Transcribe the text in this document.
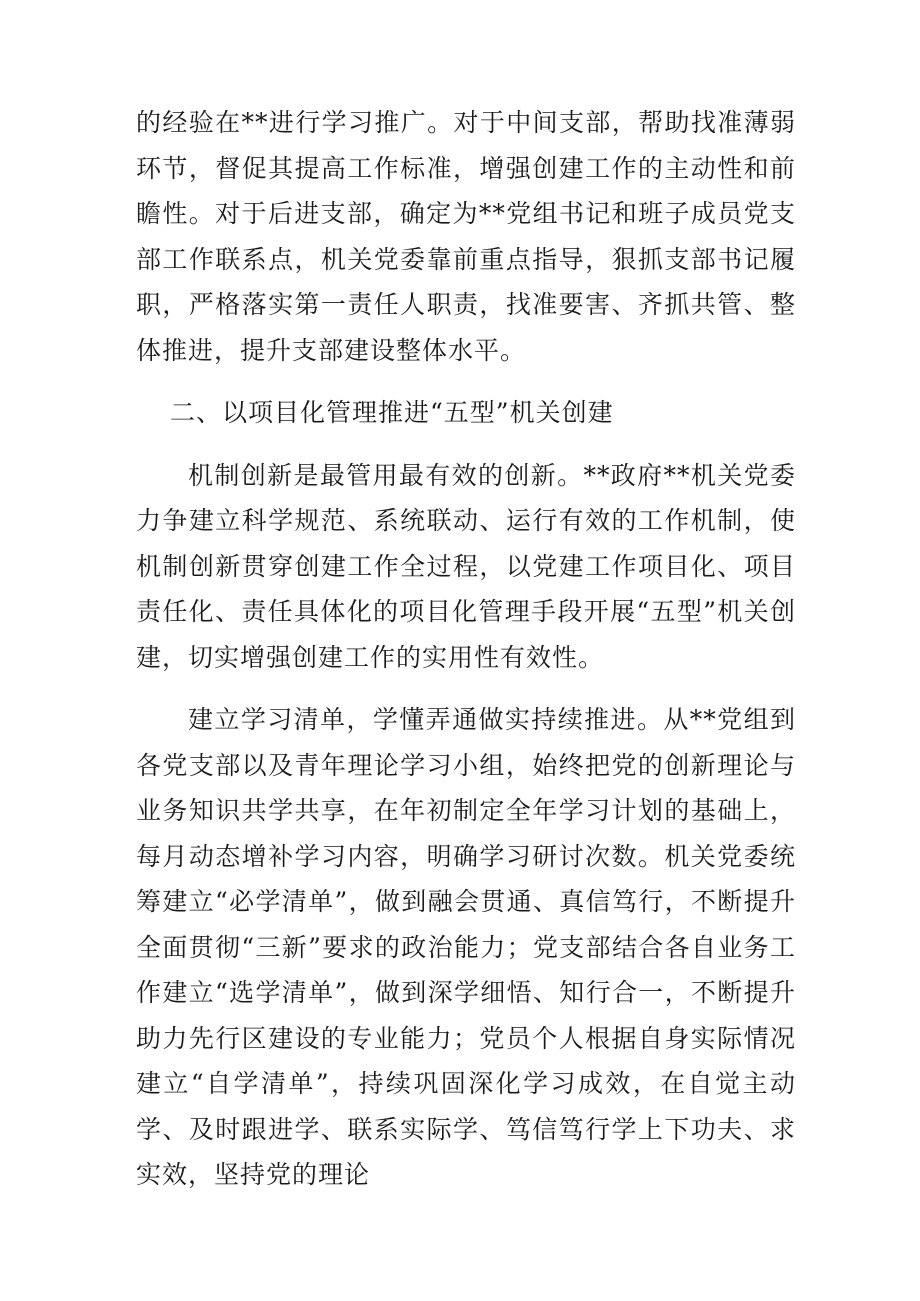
的经验在**进行学习推广。对于中间支部，帮助找准薄弱环节，督促其提高工作标准，增强创建工作的主动性和前瞻性。对于后进支部，确定为**党组书记和班子成员党支部工作联系点，机关党委靠前重点指导，狠抓支部书记履职，严格落实第一责任人职责，找准要害、齐抓共管、整体推进，提升支部建设整体水平。

二、以项目化管理推进“五型”机关创建

机制创新是最管用最有效的创新。**政府**机关党委力争建立科学规范、系统联动、运行有效的工作机制，使机制创新贯穿创建工作全过程，以党建工作项目化、项目责任化、责任具体化的项目化管理手段开展“五型”机关创建，切实增强创建工作的实用性有效性。

建立学习清单，学懂弄通做实持续推进。从**党组到各党支部以及青年理论学习小组，始终把党的创新理论与业务知识共学共享，在年初制定全年学习计划的基础上，每月动态增补学习内容，明确学习研讨次数。机关党委统筹建立“必学清单”，做到融会贯通、真信笃行，不断提升全面贯彻“三新”要求的政治能力；党支部结合各自业务工作建立“选学清单”，做到深学细悟、知行合一，不断提升助力先行区建设的专业能力；党员个人根据自身实际情况建立“自学清单”，持续巩固深化学习成效，在自觉主动学、及时跟进学、联系实际学、笃信笃行学上下功夫、求实效，坚持党的理论
